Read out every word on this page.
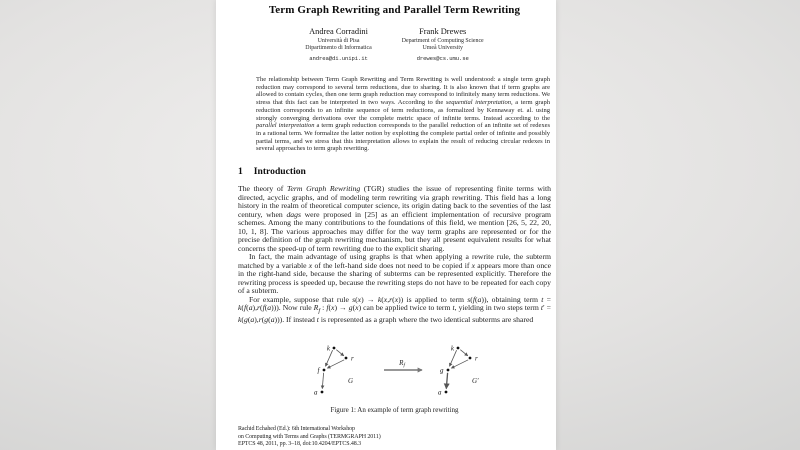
Term Graph Rewriting and Parallel Term Rewriting
Andrea Corradini
Università di Pisa
Dipartimento di Informatica
andrea@di.unipi.it
Frank Drewes
Department of Computing Science
Umeå University
drewes@cs.umu.se
The relationship between Term Graph Rewriting and Term Rewriting is well understood: a single term graph reduction may correspond to several term reductions, due to sharing. It is also known that if term graphs are allowed to contain cycles, then one term graph reduction may correspond to infinitely many term reductions. We stress that this fact can be interpreted in two ways. According to the sequential interpretation, a term graph reduction corresponds to an infinite sequence of term reductions, as formalized by Kennaway et. al. using strongly converging derivations over the complete metric space of infinite terms. Instead according to the parallel interpretation a term graph reduction corresponds to the parallel reduction of an infinite set of redexes in a rational term. We formalize the latter notion by exploiting the complete partial order of infinite and possibly partial terms, and we stress that this interpretation allows to explain the result of reducing circular redexes in several approaches to term graph rewriting.
1 Introduction

The theory of Term Graph Rewriting (TGR) studies the issue of representing finite terms with directed, acyclic graphs, and of modeling term rewriting via graph rewriting. This field has a long history in the realm of theoretical computer science, its origin dating back to the seventies of the last century, when dags were proposed in [25] as an efficient implementation of recursive program schemes. Among the many contributions to the foundations of this field, we mention [26, 5, 22, 20, 10, 1, 8]. The various approaches may differ for the way term graphs are represented or for the precise definition of the graph rewriting mechanism, but they all present equivalent results for what concerns the speed-up of term rewriting due to the explicit sharing.

In fact, the main advantage of using graphs is that when applying a rewrite rule, the subterm matched by a variable x of the left-hand side does not need to be copied if x appears more than once in the right-hand side, because the sharing of subterms can be represented explicitly. Therefore the rewriting process is speeded up, because the rewriting steps do not have to be repeated for each copy of a subterm.

For example, suppose that rule s(x) → k(x,r(x)) is applied to term s(f(a)), obtaining term t = k(f(a),r(f(a))). Now rule $R_f$ : f(x) → g(x) can be applied twice to term t, yielding in two steps term t′ = k(g(a),r(g(a))). If instead t is represented as a graph where the two identical subterms are shared

k
r
f
a
G
$R_f$
k
r
g
a
G′
Figure 1: An example of term graph rewriting
Rachid Echahed (Ed.): 6th International Workshop
on Computing with Terms and Graphs (TERMGRAPH 2011)
EPTCS 48, 2011, pp. 3–18, doi:10.4204/EPTCS.48.3
